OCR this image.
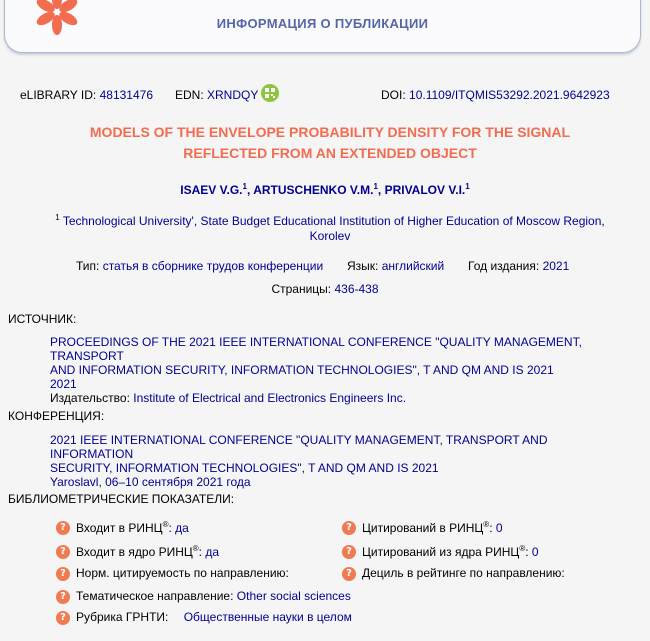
ИНФОРМАЦИЯ О ПУБЛИКАЦИИ
eLIBRARY ID: 48131476 EDN: XRNDQY	DOI: 10.1109/ITQMIS53292.2021.9642923
MODELS OF THE ENVELOPE PROBABILITY DENSITY FOR THE SIGNAL
REFLECTED FROM AN EXTENDED OBJECT
ISAEV V.G.$^1$, ARTUSCHENKO V.M.$^1$, PRIVALOV V.I.$^1$
$^1$ Technological University', State Budget Educational Institution of Higher Education of Moscow Region,
Korolev
Тип: статья в сборнике трудов конференции Язык: английский Год издания: 2021
Страницы: 436-438
ИСТОЧНИК:
PROCEEDINGS OF THE 2021 IEEE INTERNATIONAL CONFERENCE "QUALITY MANAGEMENT, TRANSPORT
AND INFORMATION SECURITY, INFORMATION TECHNOLOGIES", T AND QM AND IS 2021
2021
Издательство: Institute of Electrical and Electronics Engineers Inc.
КОНФЕРЕНЦИЯ:
2021 IEEE INTERNATIONAL CONFERENCE "QUALITY MANAGEMENT, TRANSPORT AND INFORMATION
SECURITY, INFORMATION TECHNOLOGIES", T AND QM AND IS 2021
Yaroslavl, 06–10 сентября 2021 года
БИБЛИОМЕТРИЧЕСКИЕ ПОКАЗАТЕЛИ:
? Входит в РИНЦ®: да
? Входит в ядро РИНЦ®: да
? Норм. цитируемость по направлению:
? Цитирований в РИНЦ®: 0
? Цитирований из ядра РИНЦ®: 0
? Дециль в рейтинге по направлению:
? Тематическое направление: Other social sciences
? Рубрика ГРНТИ: Общественные науки в целом
